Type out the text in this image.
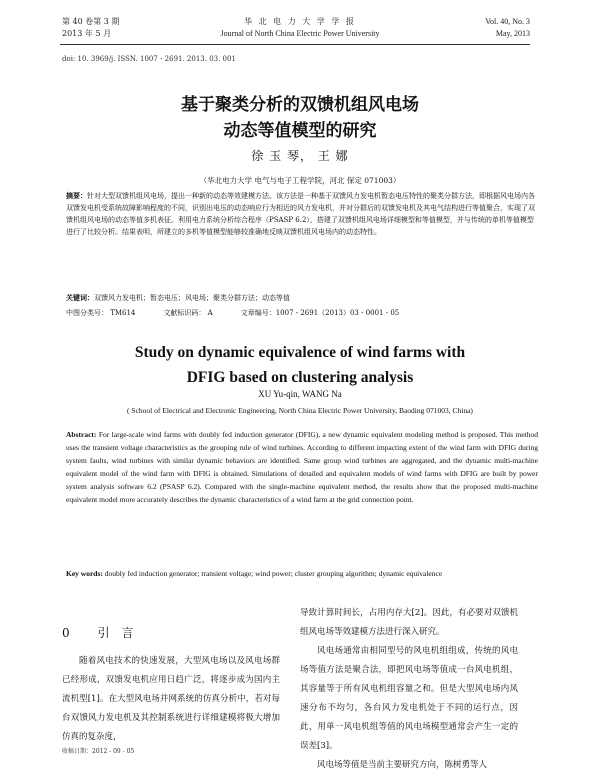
第 40 卷第 3 期
2013 年 5 月
华 北 电 力 大 学 学 报
Journal of North China Electric Power University
Vol. 40, No. 3
May, 2013
doi: 10. 3969/j. ISSN. 1007 - 2691. 2013. 03. 001
基于聚类分析的双馈机组风电场
动态等值模型的研究
徐 玉 琴， 王 娜
（华北电力大学 电气与电子工程学院，河北 保定 071003）
摘要：针对大型双馈机组风电场，提出一种新的动态等效建模方法。该方法是一种基于双馈风力发电机暂态电压特性的聚类分群方法，即根据风电场内各双馈发电机受系统故障影响程度的不同，识别出电压的动态响应行为相近的风力发电机，并对分群后的双馈发电机及其电气结构进行等值聚合，实现了双馈机组风电场的动态等值多机表征。利用电力系统分析综合程序（PSASP 6.2），搭建了双馈机组风电场详细模型和等值模型，并与传统的单机等值模型进行了比较分析。结果表明，所建立的多机等值模型能够较准确地反映双馈机组风电场内的动态特性。
关键词：双馈风力发电机；暂态电压；风电场；聚类分群方法；动态等值
中图分类号： TM614	文献标识码： A	文章编号：1007 - 2691（2013）03 - 0001 - 05
Study on dynamic equivalence of wind farms with
DFIG based on clustering analysis
XU Yu-qin, WANG Na
( School of Electrical and Electronic Engineering, North China Electric Power University, Baoding 071003, China)
Abstract: For large-scale wind farms with doubly fed induction generator (DFIG), a new dynamic equivalent modeling method is proposed. This method uses the transient voltage characteristics as the grouping rule of wind turbines. According to different impacting extent of the wind farm with DFIG during system faults, wind turbines with similar dynamic behaviors are identified. Same group wind turbines are aggregated, and the dynamic multi-machine equivalent model of the wind farm with DFIG is obtained. Simulations of detailed and equivalent models of wind farms with DFIG are built by power system analysis software 6.2 (PSASP 6.2). Compared with the single-machine equivalent method, the results show that the proposed multi-machine equivalent model more accurately describes the dynamic characteristics of a wind farm at the grid connection point.
Key words: doubly fed induction generator; transient voltage; wind power; cluster grouping algorithm; dynamic equivalence
0 引言

随着风电技术的快速发展，大型风电场以及风电场群已经形成，双馈发电机应用日趋广泛，将逐步成为国内主流机型[1]。在大型风电场并网系统的仿真分析中，若对每台双馈风力发电机及其控制系统进行详细建模将极大增加仿真的复杂度，

导致计算时间长，占用内存大[2]。因此，有必要对双馈机组风电场等效建模方法进行深入研究。

风电场通常由相同型号的风电机组组成，传统的风电场等值方法是聚合法，即把风电场等值成一台风电机组，其容量等于所有风电机组容量之和。但是大型风电场内风速分布不均匀，各台风力发电机处于不同的运行点，因此，用单一风电机组等值的风电场模型通常会产生一定的误差[3]。

风电场等值是当前主要研究方向，陈树勇等人

收稿日期：2012 - 09 - 05
